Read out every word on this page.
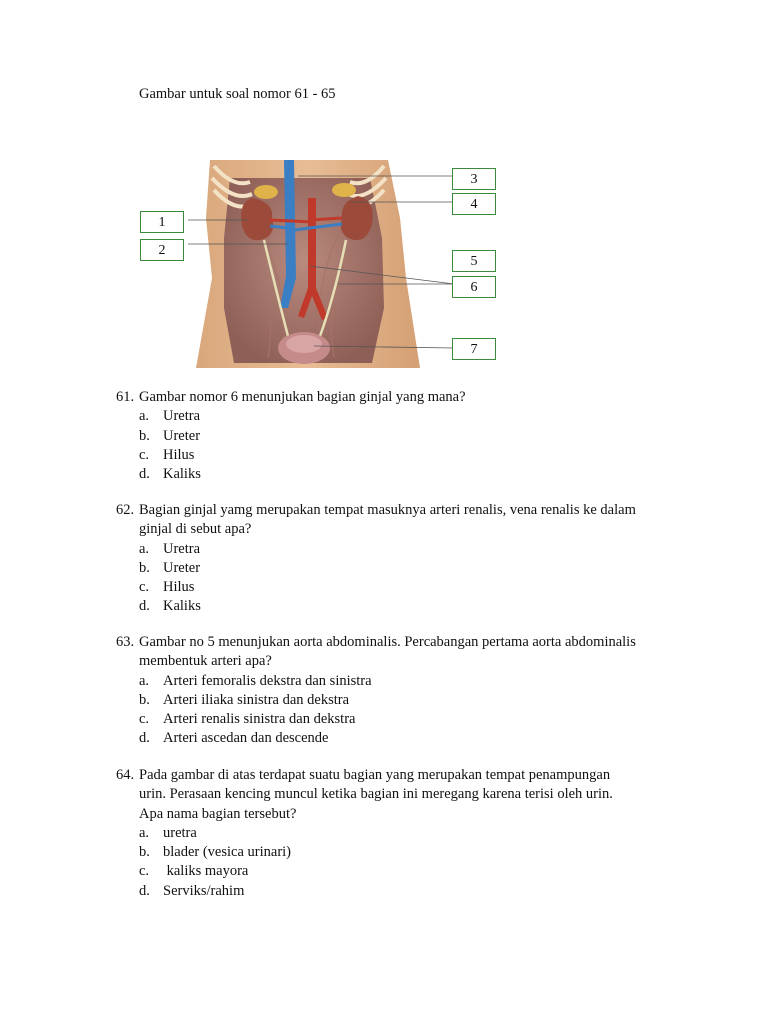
Gambar untuk soal nomor 61 - 65
1
2
3
4
5
6
7
61. Gambar nomor 6 menunjukan bagian ginjal yang mana?
a. Uretra
b. Ureter
c. Hilus
d. Kaliks
62. Bagian ginjal yamg merupakan tempat masuknya arteri renalis, vena renalis ke dalam
ginjal di sebut apa?
a. Uretra
b. Ureter
c. Hilus
d. Kaliks
63. Gambar no 5 menunjukan aorta abdominalis. Percabangan pertama aorta abdominalis
membentuk arteri apa?
a. Arteri femoralis dekstra dan sinistra
b. Arteri iliaka sinistra dan dekstra
c. Arteri renalis sinistra dan dekstra
d. Arteri ascedan dan descende
64. Pada gambar di atas terdapat suatu bagian yang merupakan tempat penampungan
urin. Perasaan kencing muncul ketika bagian ini meregang karena terisi oleh urin.
Apa nama bagian tersebut?
a. uretra
b. blader (vesica urinari)
c. kaliks mayora
d. Serviks/rahim
